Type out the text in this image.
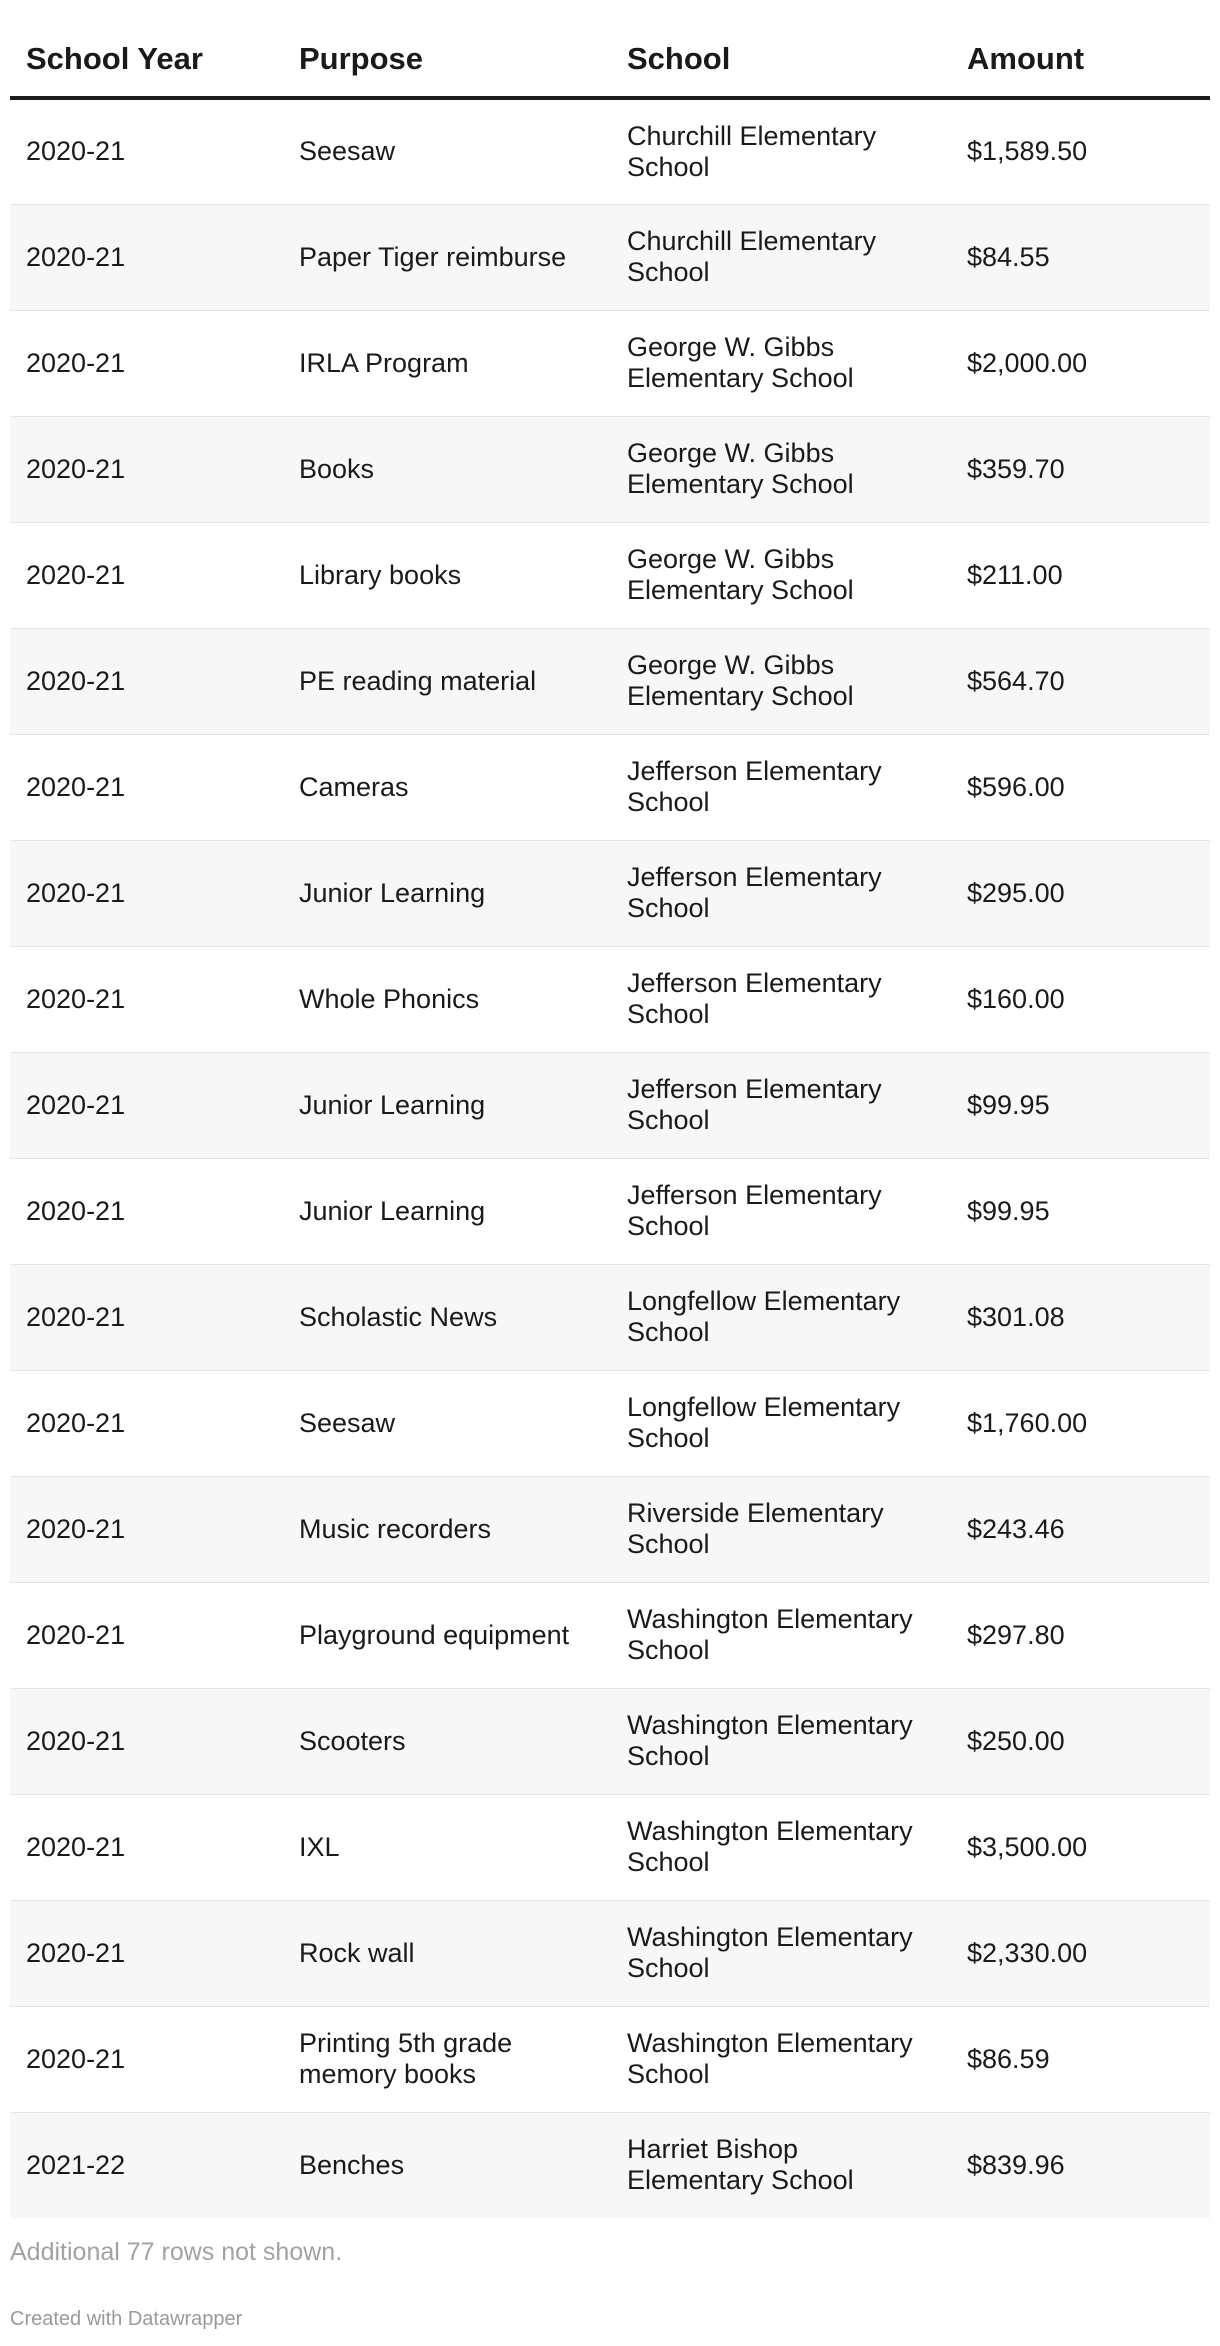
School Year	Purpose	School	Amount
2020-21	Seesaw	Churchill Elementary School	$1,589.50
2020-21	Paper Tiger reimburse	Churchill Elementary School	$84.55
2020-21	IRLA Program	George W. Gibbs Elementary School	$2,000.00
2020-21	Books	George W. Gibbs Elementary School	$359.70
2020-21	Library books	George W. Gibbs Elementary School	$211.00
2020-21	PE reading material	George W. Gibbs Elementary School	$564.70
2020-21	Cameras	Jefferson Elementary School	$596.00
2020-21	Junior Learning	Jefferson Elementary School	$295.00
2020-21	Whole Phonics	Jefferson Elementary School	$160.00
2020-21	Junior Learning	Jefferson Elementary School	$99.95
2020-21	Junior Learning	Jefferson Elementary School	$99.95
2020-21	Scholastic News	Longfellow Elementary School	$301.08
2020-21	Seesaw	Longfellow Elementary School	$1,760.00
2020-21	Music recorders	Riverside Elementary School	$243.46
2020-21	Playground equipment	Washington Elementary School	$297.80
2020-21	Scooters	Washington Elementary School	$250.00
2020-21	IXL	Washington Elementary School	$3,500.00
2020-21	Rock wall	Washington Elementary School	$2,330.00
2020-21	Printing 5th grade memory books	Washington Elementary School	$86.59
2021-22	Benches	Harriet Bishop Elementary School	$839.96
Additional 77 rows not shown.
Created with Datawrapper
